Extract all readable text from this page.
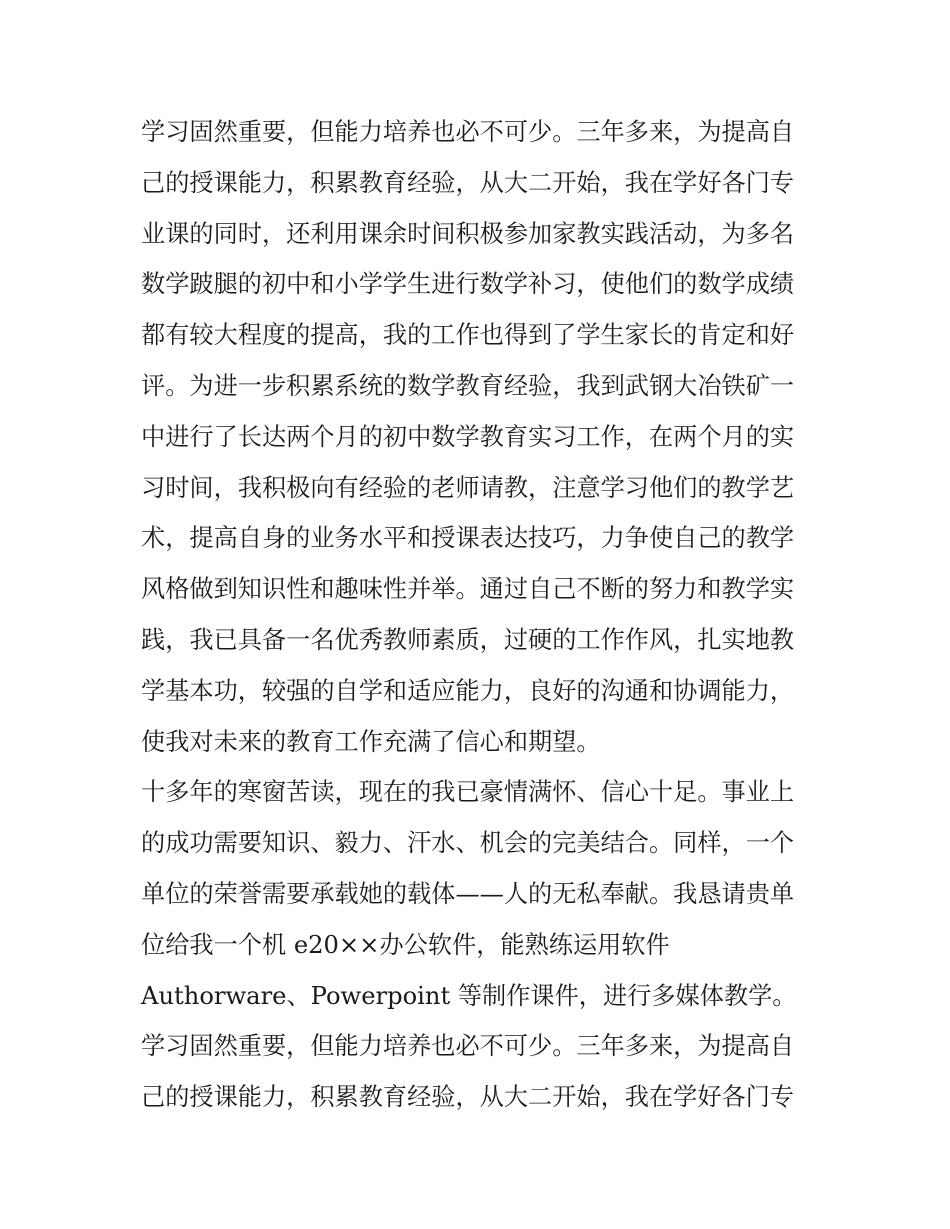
学习固然重要，但能力培养也必不可少。三年多来，为提高自
己的授课能力，积累教育经验，从大二开始，我在学好各门专
业课的同时，还利用课余时间积极参加家教实践活动，为多名
数学跛腿的初中和小学学生进行数学补习，使他们的数学成绩
都有较大程度的提高，我的工作也得到了学生家长的肯定和好
评。为进一步积累系统的数学教育经验，我到武钢大冶铁矿一
中进行了长达两个月的初中数学教育实习工作，在两个月的实
习时间，我积极向有经验的老师请教，注意学习他们的教学艺
术，提高自身的业务水平和授课表达技巧，力争使自己的教学
风格做到知识性和趣味性并举。通过自己不断的努力和教学实
践，我已具备一名优秀教师素质，过硬的工作作风，扎实地教
学基本功，较强的自学和适应能力，良好的沟通和协调能力，
使我对未来的教育工作充满了信心和期望。

十多年的寒窗苦读，现在的我已豪情满怀、信心十足。事业上
的成功需要知识、毅力、汗水、机会的完美结合。同样，一个
单位的荣誉需要承载她的载体——人的无私奉献。我恳请贵单
位给我一个机 e20××办公软件，能熟练运用软件
Authorware、Powerpoint 等制作课件，进行多媒体教学。

学习固然重要，但能力培养也必不可少。三年多来，为提高自
己的授课能力，积累教育经验，从大二开始，我在学好各门专
